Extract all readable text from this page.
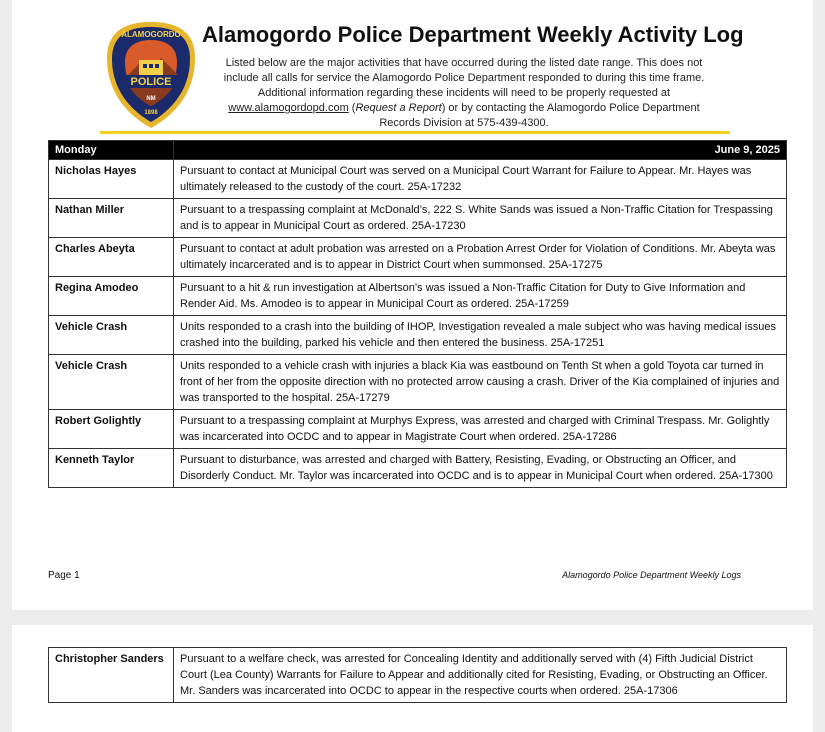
POLICE
ALAMOGORDO
NM
1898
Alamogordo Police Department Weekly Activity Log
Listed below are the major activities that have occurred during the listed date range. This does not
include all calls for service the Alamogordo Police Department responded to during this time frame.
Additional information regarding these incidents will need to be properly requested at
www.alamogordopd.com (Request a Report) or by contacting the Alamogordo Police Department
Records Division at 575-439-4300.
Monday	June 9, 2025
Nicholas Hayes	Pursuant to contact at Municipal Court was served on a Municipal Court Warrant for Failure to Appear. Mr. Hayes was ultimately released to the custody of the court. 25A-17232
Nathan Miller	Pursuant to a trespassing complaint at McDonald’s, 222 S. White Sands was issued a Non-Traffic Citation for Trespassing and is to appear in Municipal Court as ordered. 25A-17230
Charles Abeyta	Pursuant to contact at adult probation was arrested on a Probation Arrest Order for Violation of Conditions. Mr. Abeyta was ultimately incarcerated and is to appear in District Court when summonsed. 25A-17275
Regina Amodeo	Pursuant to a hit & run investigation at Albertson’s was issued a Non-Traffic Citation for Duty to Give Information and Render Aid. Ms. Amodeo is to appear in Municipal Court as ordered. 25A-17259
Vehicle Crash	Units responded to a crash into the building of IHOP, Investigation revealed a male subject who was having medical issues crashed into the building, parked his vehicle and then entered the business. 25A-17251
Vehicle Crash	Units responded to a vehicle crash with injuries a black Kia was eastbound on Tenth St when a gold Toyota car turned in front of her from the opposite direction with no protected arrow causing a crash. Driver of the Kia complained of injuries and was transported to the hospital. 25A-17279
Robert Golightly	Pursuant to a trespassing complaint at Murphys Express, was arrested and charged with Criminal Trespass. Mr. Golightly was incarcerated into OCDC and to appear in Magistrate Court when ordered. 25A-17286
Kenneth Taylor	Pursuant to disturbance, was arrested and charged with Battery, Resisting, Evading, or Obstructing an Officer, and Disorderly Conduct. Mr. Taylor was incarcerated into OCDC and is to appear in Municipal Court when ordered. 25A-17300
Page 1	Alamogordo Police Department Weekly Logs
Christopher Sanders	Pursuant to a welfare check, was arrested for Concealing Identity and additionally served with (4) Fifth Judicial District Court (Lea County) Warrants for Failure to Appear and additionally cited for Resisting, Evading, or Obstructing an Officer. Mr. Sanders was incarcerated into OCDC to appear in the respective courts when ordered. 25A-17306
